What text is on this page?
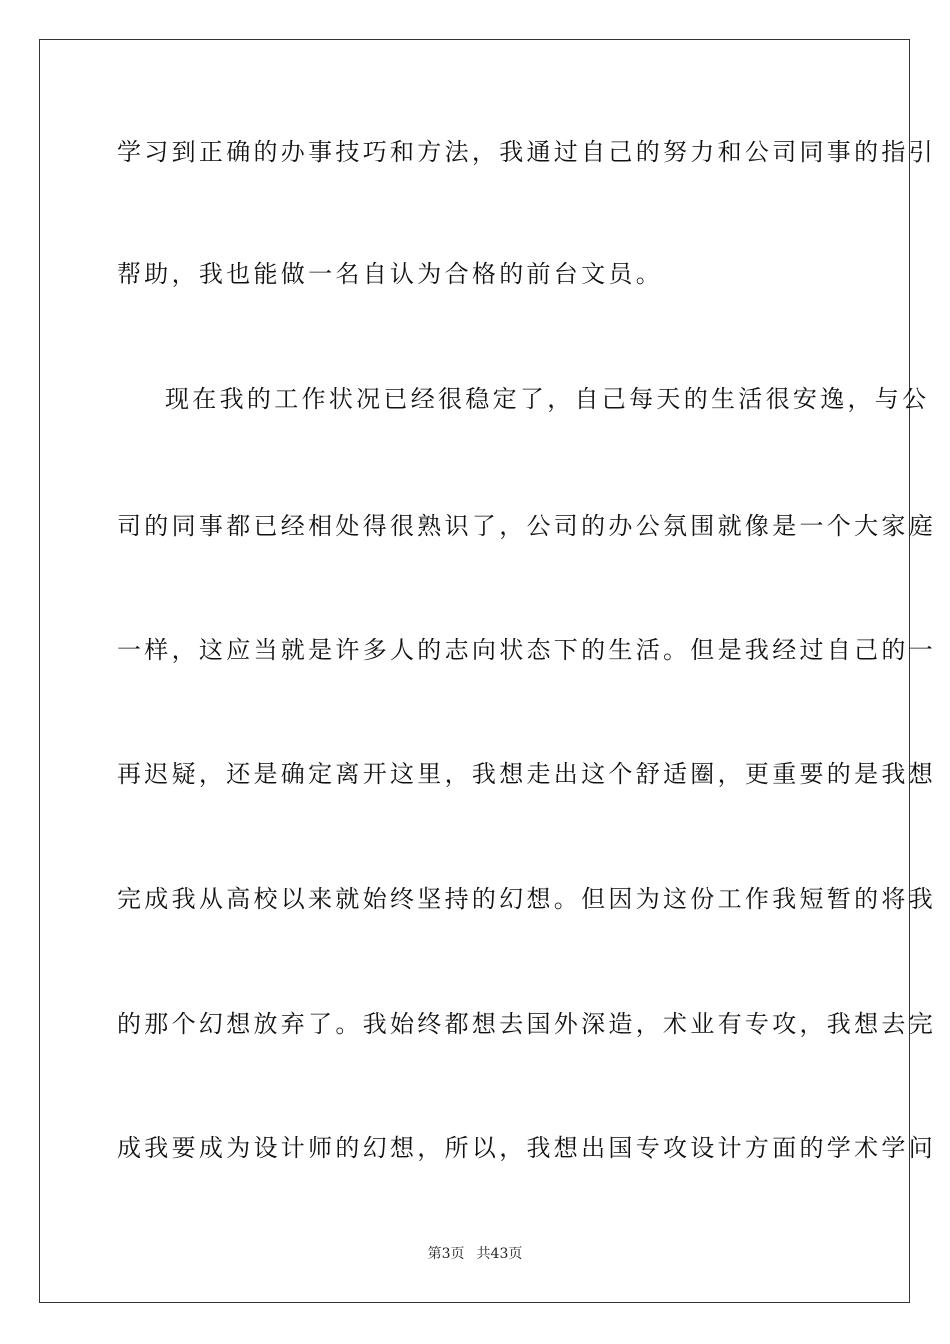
学习到正确的办事技巧和方法，我通过自己的努力和公司同事的指引
帮助，我也能做一名自认为合格的前台文员。
现在我的工作状况已经很稳定了，自己每天的生活很安逸，与公
司的同事都已经相处得很熟识了，公司的办公氛围就像是一个大家庭
一样，这应当就是许多人的志向状态下的生活。但是我经过自己的一
再迟疑，还是确定离开这里，我想走出这个舒适圈，更重要的是我想
完成我从高校以来就始终坚持的幻想。但因为这份工作我短暂的将我
的那个幻想放弃了。我始终都想去国外深造，术业有专攻，我想去完
成我要成为设计师的幻想，所以，我想出国专攻设计方面的学术学问
第3页 共43页
